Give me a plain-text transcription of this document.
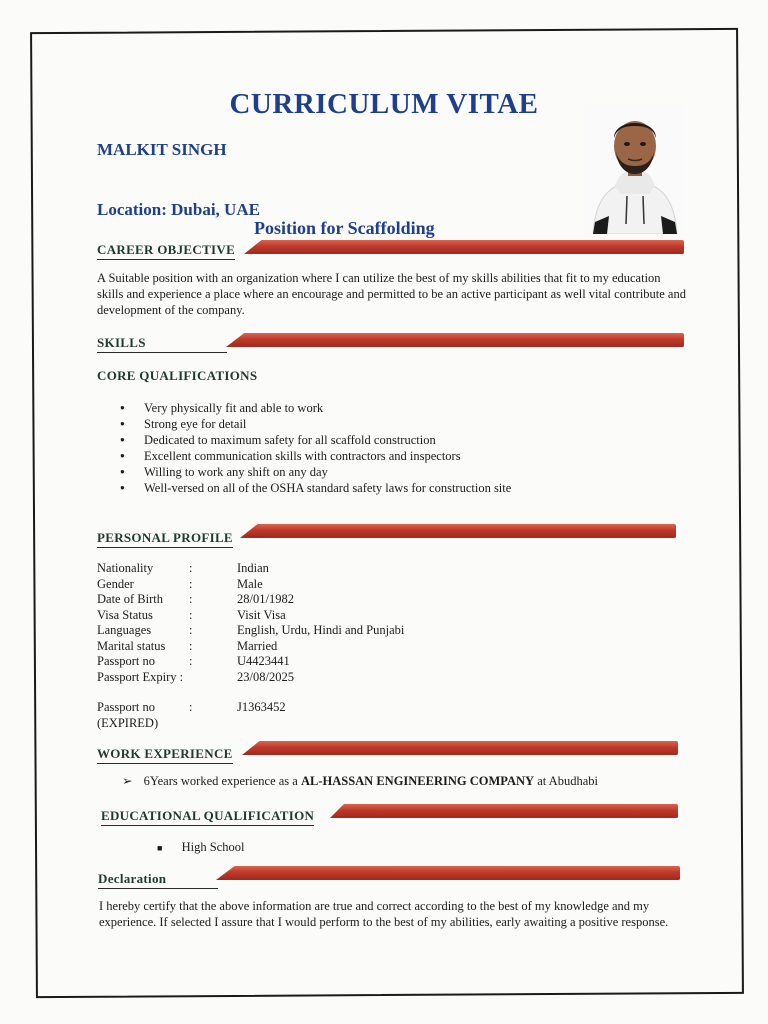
CURRICULUM VITAE
MALKIT SINGH
Location: Dubai, UAE
Position for Scaffolding
CAREER OBJECTIVE
A Suitable position with an organization where I can utilize the best of my skills abilities that fit to my education skills and experience a place where an encourage and permitted to be an active participant as well vital contribute and development of the company.
SKILLS
CORE QUALIFICATIONS
● Very physically fit and able to work
● Strong eye for detail
● Dedicated to maximum safety for all scaffold construction
● Excellent communication skills with contractors and inspectors
● Willing to work any shift on any day
● Well-versed on all of the OSHA standard safety laws for construction site
PERSONAL PROFILE
Nationality	:	Indian
Gender	:	Male
Date of Birth :	28/01/1982
Visa Status	:	Visit Visa
Languages	:	English, Urdu, Hindi and Punjabi
Marital status :	Married
Passport no	:	U4423441
Passport Expiry :	23/08/2025
Passport no	:	J1363452
(EXPIRED)
WORK EXPERIENCE
➢ 6Years worked experience as a AL-HASSAN ENGINEERING COMPANY at Abudhabi
EDUCATIONAL QUALIFICATION
■ High School
Declaration
I hereby certify that the above information are true and correct according to the best of my knowledge and my experience. If selected I assure that I would perform to the best of my abilities, early awaiting a positive response.
